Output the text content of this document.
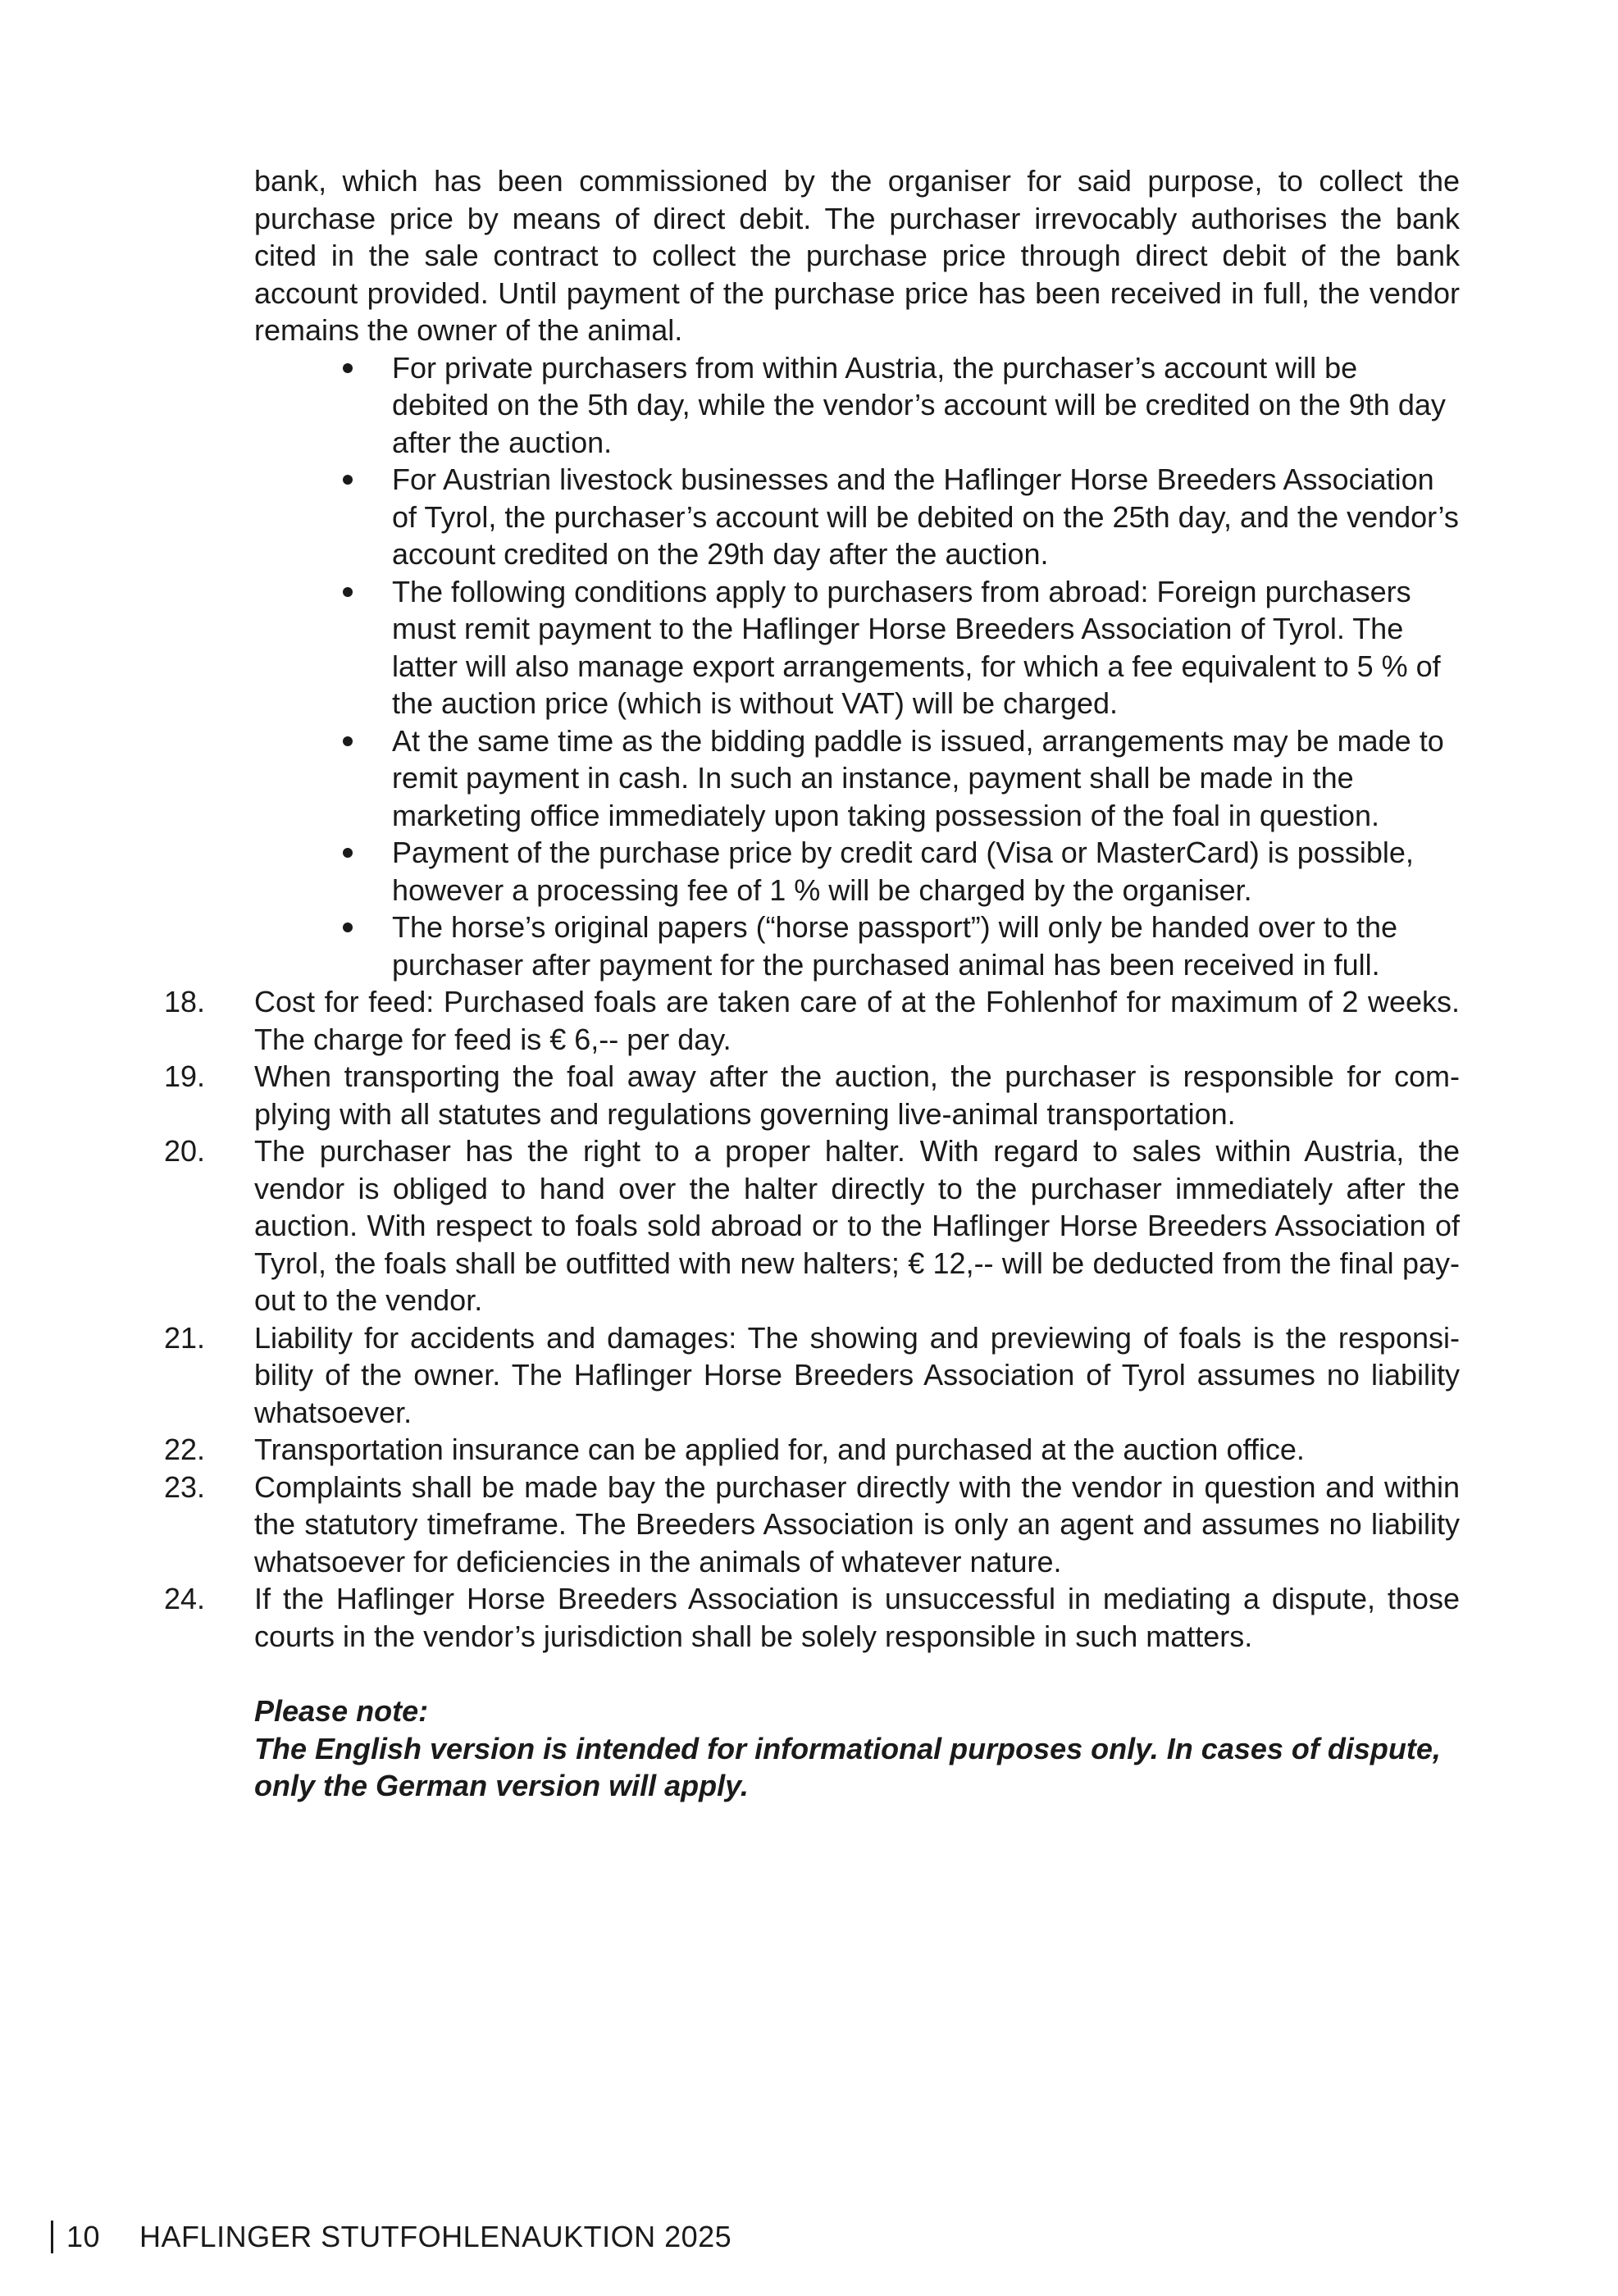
bank, which has been commissioned by the organiser for said purpose, to collect the purchase price by means of direct debit. The purchaser irrevocably authorises the bank cited in the sale contract to collect the purchase price through direct debit of the bank account provided. Until payment of the purchase price has been received in full, the vendor remains the owner of the animal.
For private purchasers from within Austria, the purchaser’s account will be debited on the 5th day, while the vendor’s account will be credited on the 9th day after the auction.
For Austrian livestock businesses and the Haflinger Horse Breeders Association of Tyrol, the purchaser’s account will be debited on the 25th day, and the vendor’s account credited on the 29th day after the auction.
The following conditions apply to purchasers from abroad: Foreign purchasers must remit payment to the Haflinger Horse Breeders Association of Tyrol. The latter will also manage export arrangements, for which a fee equivalent to 5 % of the auction price (which is without VAT) will be charged.
At the same time as the bidding paddle is issued, arrangements may be made to remit payment in cash. In such an instance, payment shall be made in the marketing office immediately upon taking possession of the foal in question.
Payment of the purchase price by credit card (Visa or MasterCard) is possible, however a processing fee of 1 % will be charged by the organiser.
The horse’s original papers (“horse passport”) will only be handed over to the purchaser after payment for the purchased animal has been received in full.
18. Cost for feed: Purchased foals are taken care of at the Fohlenhof for maximum of 2 weeks. The charge for feed is € 6,-- per day.
19. When transporting the foal away after the auction, the purchaser is responsible for complying with all statutes and regulations governing live-animal transportation.
20. The purchaser has the right to a proper halter. With regard to sales within Austria, the vendor is obliged to hand over the halter directly to the purchaser immediately after the auction. With respect to foals sold abroad or to the Haflinger Horse Breeders Association of Tyrol, the foals shall be outfitted with new halters; € 12,-- will be deducted from the final pay-out to the vendor.
21. Liability for accidents and damages: The showing and previewing of foals is the responsibility of the owner. The Haflinger Horse Breeders Association of Tyrol assumes no liability whatsoever.
22. Transportation insurance can be applied for, and purchased at the auction office.
23. Complaints shall be made bay the purchaser directly with the vendor in question and within the statutory timeframe. The Breeders Association is only an agent and assumes no liability whatsoever for deficiencies in the animals of whatever nature.
24. If the Haflinger Horse Breeders Association is unsuccessful in mediating a dispute, those courts in the vendor’s jurisdiction shall be solely responsible in such matters.

Please note:

The English version is intended for informational purposes only. In cases of dispute, only the German version will apply.

10 HAFLINGER STUTFOHLENAUKTION 2025
